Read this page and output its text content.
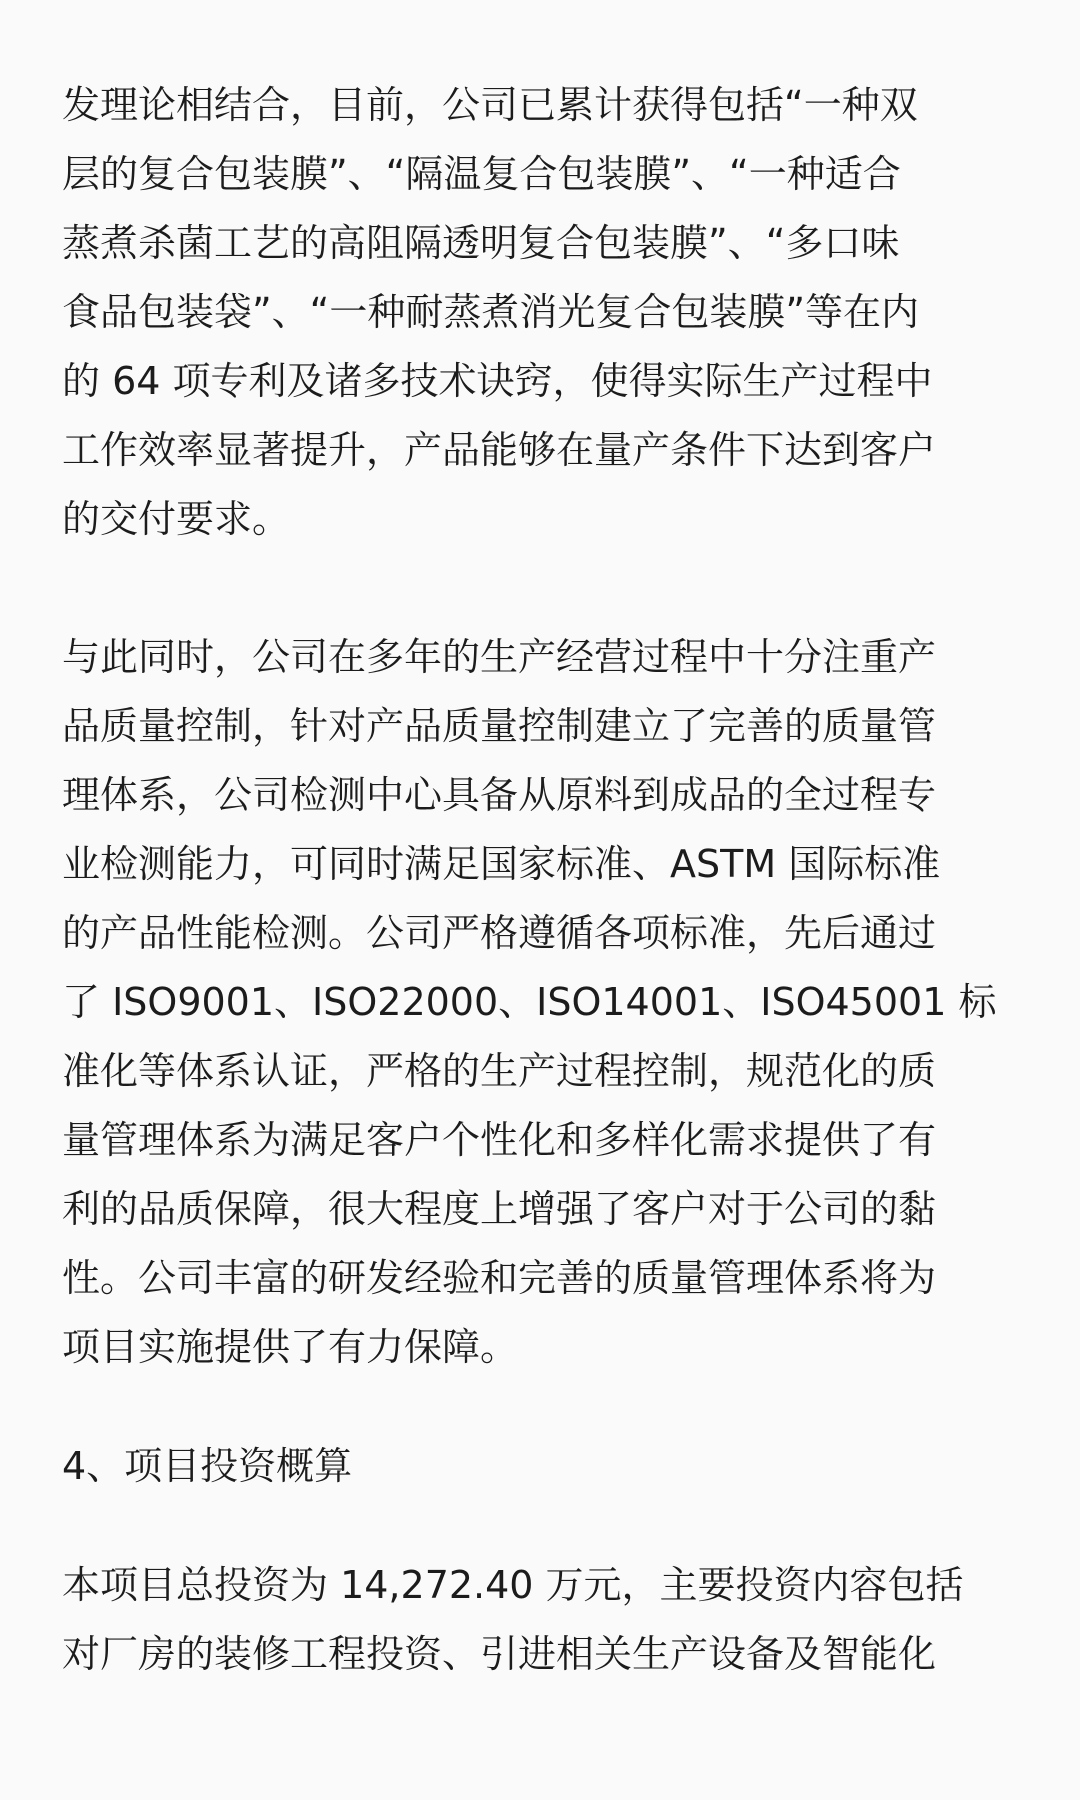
发理论相结合，目前，公司已累计获得包括“一种双
层的复合包装膜”、“隔温复合包装膜”、“一种适合
蒸煮杀菌工艺的高阻隔透明复合包装膜”、“多口味
食品包装袋”、“一种耐蒸煮消光复合包装膜”等在内
的 64 项专利及诸多技术诀窍，使得实际生产过程中
工作效率显著提升，产品能够在量产条件下达到客户
的交付要求。
与此同时，公司在多年的生产经营过程中十分注重产
品质量控制，针对产品质量控制建立了完善的质量管
理体系，公司检测中心具备从原料到成品的全过程专
业检测能力，可同时满足国家标准、ASTM 国际标准
的产品性能检测。公司严格遵循各项标准，先后通过
了 ISO9001、ISO22000、ISO14001、ISO45001 标
准化等体系认证，严格的生产过程控制，规范化的质
量管理体系为满足客户个性化和多样化需求提供了有
利的品质保障，很大程度上增强了客户对于公司的黏
性。公司丰富的研发经验和完善的质量管理体系将为
项目实施提供了有力保障。
4、项目投资概算
本项目总投资为 14,272.40 万元，主要投资内容包括
对厂房的装修工程投资、引进相关生产设备及智能化
